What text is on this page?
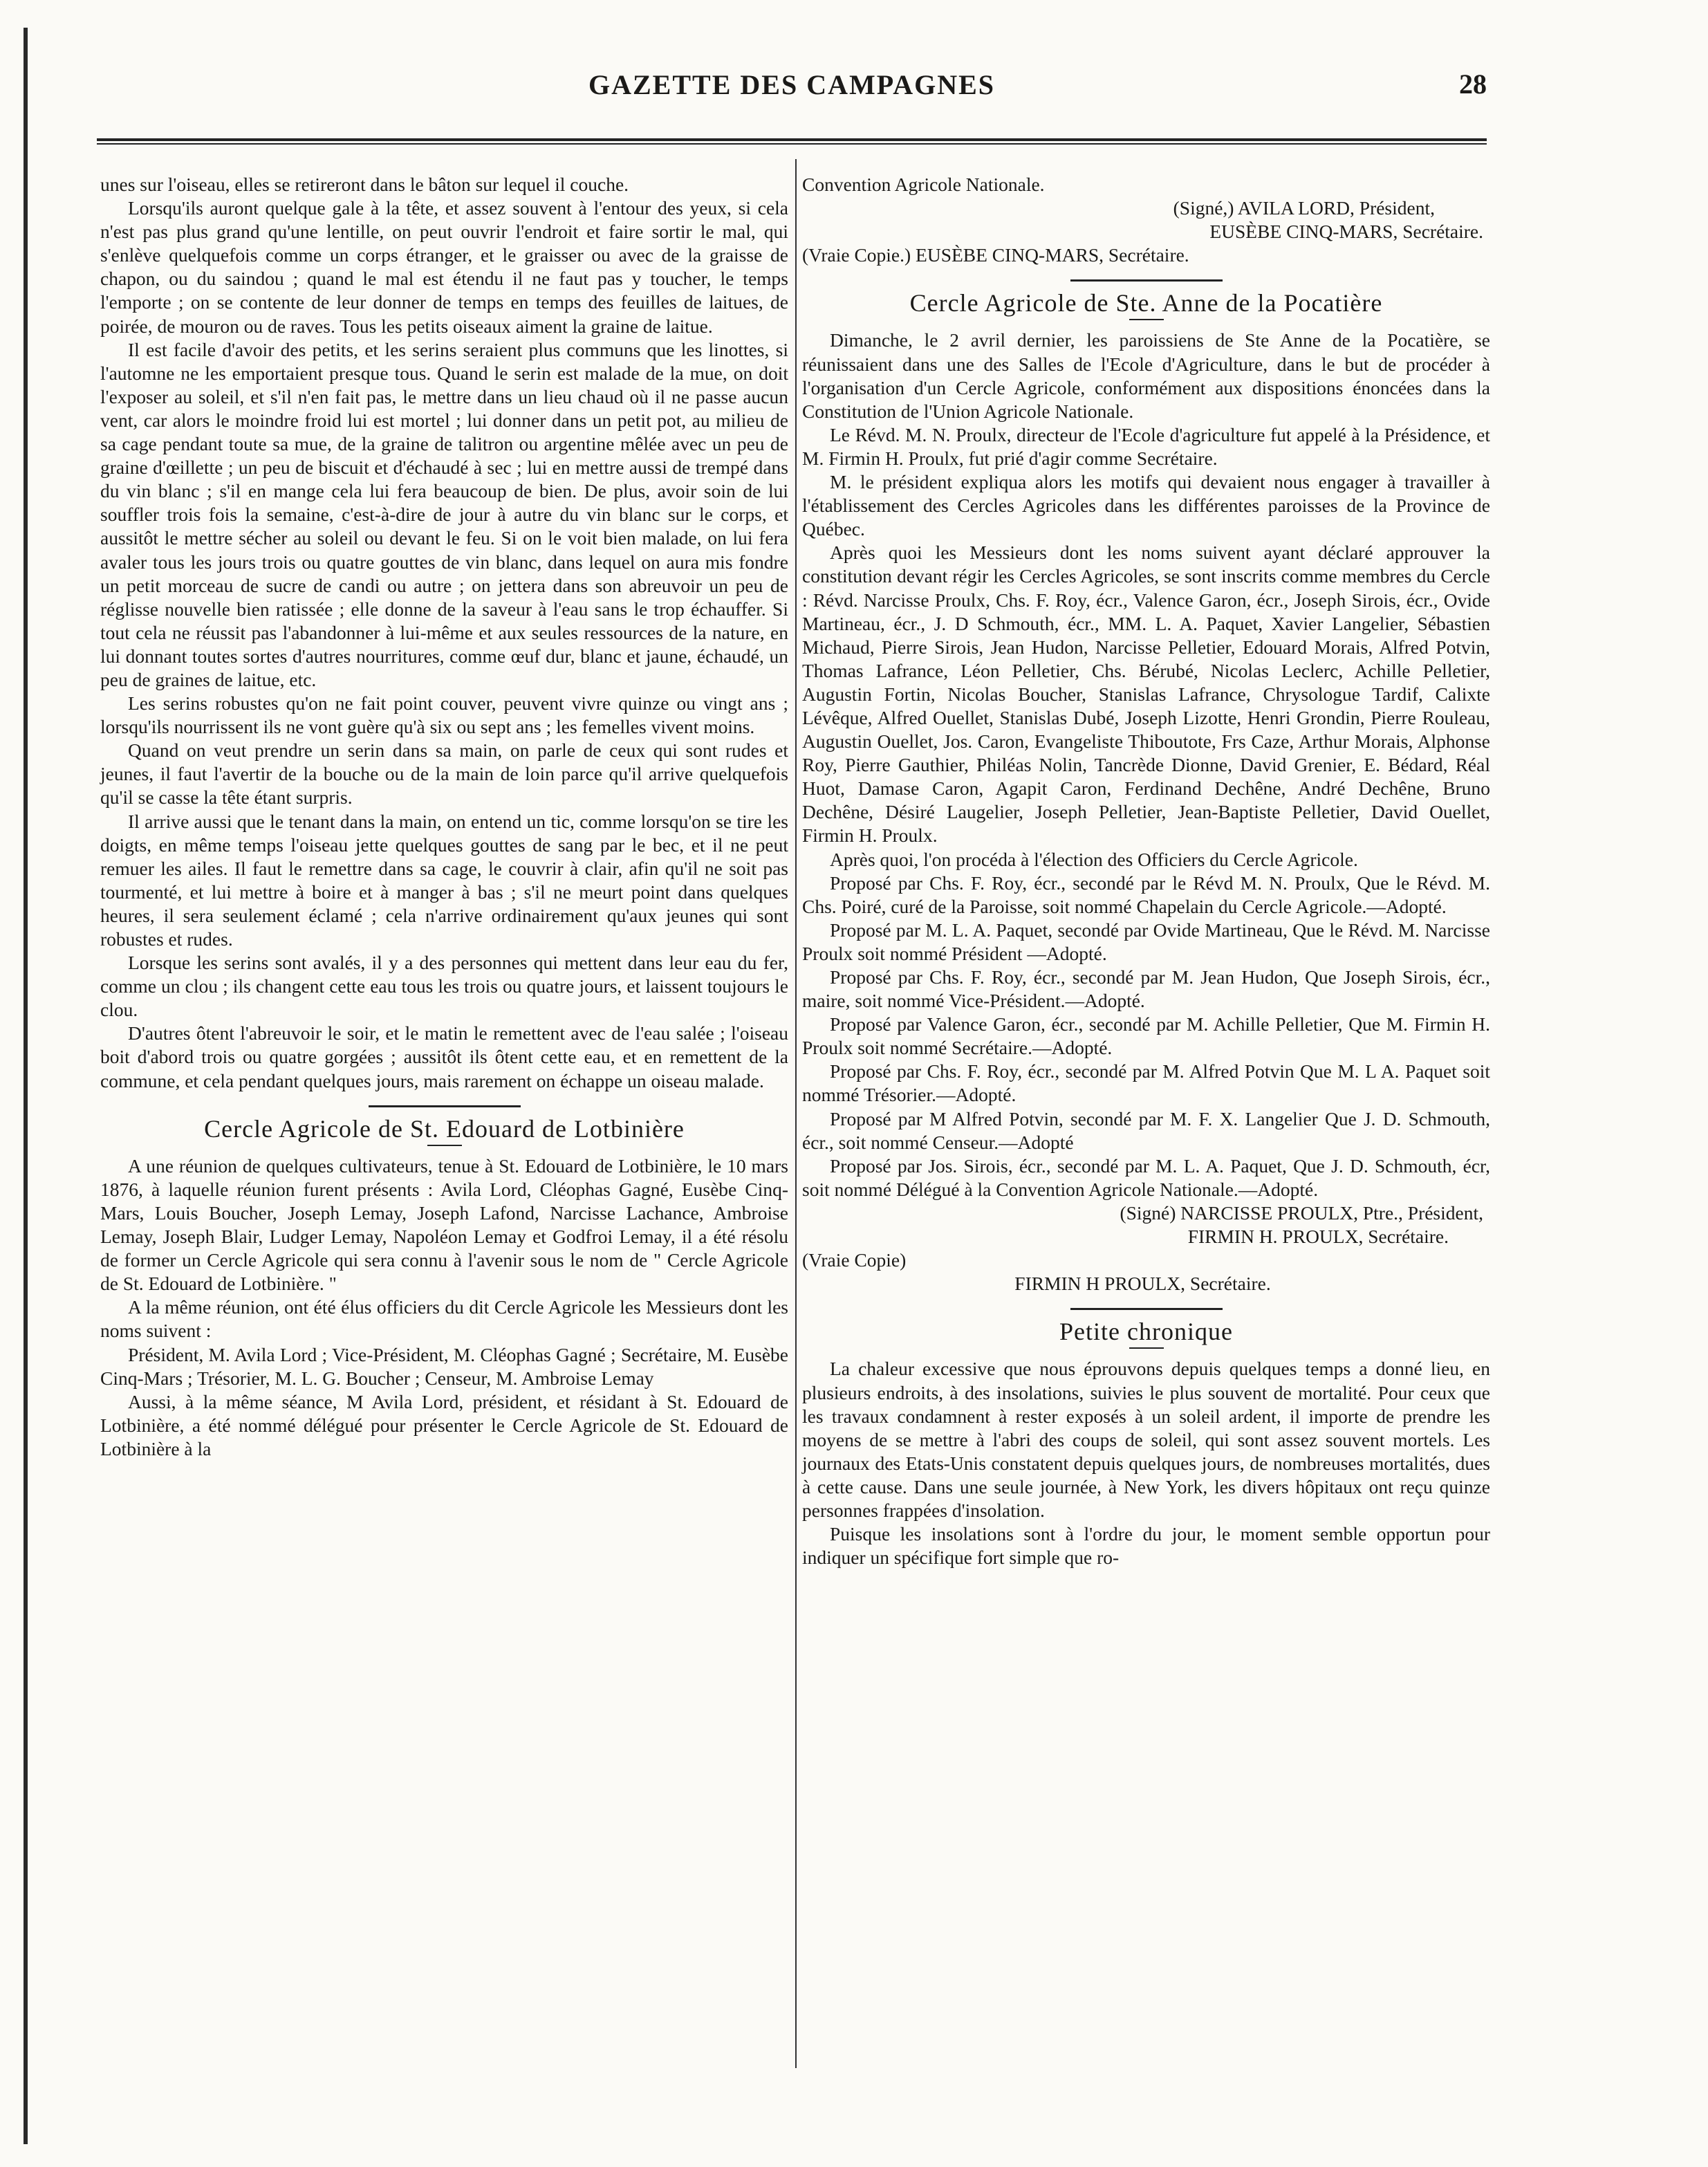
GAZETTE DES CAMPAGNES	28

unes sur l'oiseau, elles se retireront dans le bâton sur lequel il couche.

Lorsqu'ils auront quelque gale à la tête, et assez souvent à l'entour des yeux, si cela n'est pas plus grand qu'une lentille, on peut ouvrir l'endroit et faire sortir le mal, qui s'enlève quelquefois comme un corps étranger, et le graisser ou avec de la graisse de chapon, ou du saindou ; quand le mal est étendu il ne faut pas y toucher, le temps l'emporte ; on se contente de leur donner de temps en temps des feuilles de laitues, de poirée, de mouron ou de raves. Tous les petits oiseaux aiment la graine de laitue.

Il est facile d'avoir des petits, et les serins seraient plus communs que les linottes, si l'automne ne les emportaient presque tous. Quand le serin est malade de la mue, on doit l'exposer au soleil, et s'il n'en fait pas, le mettre dans un lieu chaud où il ne passe aucun vent, car alors le moindre froid lui est mortel ; lui donner dans un petit pot, au milieu de sa cage pendant toute sa mue, de la graine de talitron ou argentine mêlée avec un peu de graine d'œillette ; un peu de biscuit et d'échaudé à sec ; lui en mettre aussi de trempé dans du vin blanc ; s'il en mange cela lui fera beaucoup de bien. De plus, avoir soin de lui souffler trois fois la semaine, c'est-à-dire de jour à autre du vin blanc sur le corps, et aussitôt le mettre sécher au soleil ou devant le feu. Si on le voit bien malade, on lui fera avaler tous les jours trois ou quatre gouttes de vin blanc, dans lequel on aura mis fondre un petit morceau de sucre de candi ou autre ; on jettera dans son abreuvoir un peu de réglisse nouvelle bien ratissée ; elle donne de la saveur à l'eau sans le trop échauffer. Si tout cela ne réussit pas l'abandonner à lui-même et aux seules ressources de la nature, en lui donnant toutes sortes d'autres nourritures, comme œuf dur, blanc et jaune, échaudé, un peu de graines de laitue, etc.

Les serins robustes qu'on ne fait point couver, peuvent vivre quinze ou vingt ans ; lorsqu'ils nourrissent ils ne vont guère qu'à six ou sept ans ; les femelles vivent moins.

Quand on veut prendre un serin dans sa main, on parle de ceux qui sont rudes et jeunes, il faut l'avertir de la bouche ou de la main de loin parce qu'il arrive quelquefois qu'il se casse la tête étant surpris.

Il arrive aussi que le tenant dans la main, on entend un tic, comme lorsqu'on se tire les doigts, en même temps l'oiseau jette quelques gouttes de sang par le bec, et il ne peut remuer les ailes. Il faut le remettre dans sa cage, le couvrir à clair, afin qu'il ne soit pas tourmenté, et lui mettre à boire et à manger à bas ; s'il ne meurt point dans quelques heures, il sera seulement éclamé ; cela n'arrive ordinairement qu'aux jeunes qui sont robustes et rudes.

Lorsque les serins sont avalés, il y a des personnes qui mettent dans leur eau du fer, comme un clou ; ils changent cette eau tous les trois ou quatre jours, et laissent toujours le clou.

D'autres ôtent l'abreuvoir le soir, et le matin le remettent avec de l'eau salée ; l'oiseau boit d'abord trois ou quatre gorgées ; aussitôt ils ôtent cette eau, et en remettent de la commune, et cela pendant quelques jours, mais rarement on échappe un oiseau malade.

Cercle Agricole de St. Edouard de Lotbinière

A une réunion de quelques cultivateurs, tenue à St. Edouard de Lotbinière, le 10 mars 1876, à laquelle réunion furent présents : Avila Lord, Cléophas Gagné, Eusèbe Cinq-Mars, Louis Boucher, Joseph Lemay, Joseph Lafond, Narcisse Lachance, Ambroise Lemay, Joseph Blair, Ludger Lemay, Napoléon Lemay et Godfroi Lemay, il a été résolu de former un Cercle Agricole qui sera connu à l'avenir sous le nom de " Cercle Agricole de St. Edouard de Lotbinière. "

A la même réunion, ont été élus officiers du dit Cercle Agricole les Messieurs dont les noms suivent :

Président, M. Avila Lord ; Vice-Président, M. Cléophas Gagné ; Secrétaire, M. Eusèbe Cinq-Mars ; Trésorier, M. L. G. Boucher ; Censeur, M. Ambroise Lemay

Aussi, à la même séance, M Avila Lord, président, et résidant à St. Edouard de Lotbinière, a été nommé délégué pour présenter le Cercle Agricole de St. Edouard de Lotbinière à la

Convention Agricole Nationale.

(Signé,) AVILA LORD, Président,
EUSÈBE CINQ-MARS, Secrétaire.
(Vraie Copie.) EUSÈBE CINQ-MARS, Secrétaire.
Cercle Agricole de Ste. Anne de la Pocatière

Dimanche, le 2 avril dernier, les paroissiens de Ste Anne de la Pocatière, se réunissaient dans une des Salles de l'Ecole d'Agriculture, dans le but de procéder à l'organisation d'un Cercle Agricole, conformément aux dispositions énoncées dans la Constitution de l'Union Agricole Nationale.

Le Révd. M. N. Proulx, directeur de l'Ecole d'agriculture fut appelé à la Présidence, et M. Firmin H. Proulx, fut prié d'agir comme Secrétaire.

M. le président expliqua alors les motifs qui devaient nous engager à travailler à l'établissement des Cercles Agricoles dans les différentes paroisses de la Province de Québec.

Après quoi les Messieurs dont les noms suivent ayant déclaré approuver la constitution devant régir les Cercles Agricoles, se sont inscrits comme membres du Cercle : Révd. Narcisse Proulx, Chs. F. Roy, écr., Valence Garon, écr., Joseph Sirois, écr., Ovide Martineau, écr., J. D Schmouth, écr., MM. L. A. Paquet, Xavier Langelier, Sébastien Michaud, Pierre Sirois, Jean Hudon, Narcisse Pelletier, Edouard Morais, Alfred Potvin, Thomas Lafrance, Léon Pelletier, Chs. Bérubé, Nicolas Leclerc, Achille Pelletier, Augustin Fortin, Nicolas Boucher, Stanislas Lafrance, Chrysologue Tardif, Calixte Lévêque, Alfred Ouellet, Stanislas Dubé, Joseph Lizotte, Henri Grondin, Pierre Rouleau, Augustin Ouellet, Jos. Caron, Evangeliste Thiboutote, Frs Caze, Arthur Morais, Alphonse Roy, Pierre Gauthier, Philéas Nolin, Tancrède Dionne, David Grenier, E. Bédard, Réal Huot, Damase Caron, Agapit Caron, Ferdinand Dechêne, André Dechêne, Bruno Dechêne, Désiré Laugelier, Joseph Pelletier, Jean-Baptiste Pelletier, David Ouellet, Firmin H. Proulx.

Après quoi, l'on procéda à l'élection des Officiers du Cercle Agricole.

Proposé par Chs. F. Roy, écr., secondé par le Révd M. N. Proulx, Que le Révd. M. Chs. Poiré, curé de la Paroisse, soit nommé Chapelain du Cercle Agricole.—Adopté.

Proposé par M. L. A. Paquet, secondé par Ovide Martineau, Que le Révd. M. Narcisse Proulx soit nommé Président —Adopté.

Proposé par Chs. F. Roy, écr., secondé par M. Jean Hudon, Que Joseph Sirois, écr., maire, soit nommé Vice-Président.—Adopté.

Proposé par Valence Garon, écr., secondé par M. Achille Pelletier, Que M. Firmin H. Proulx soit nommé Secrétaire.—Adopté.

Proposé par Chs. F. Roy, écr., secondé par M. Alfred Potvin Que M. L A. Paquet soit nommé Trésorier.—Adopté.

Proposé par M Alfred Potvin, secondé par M. F. X. Langelier Que J. D. Schmouth, écr., soit nommé Censeur.—Adopté

Proposé par Jos. Sirois, écr., secondé par M. L. A. Paquet, Que J. D. Schmouth, écr, soit nommé Délégué à la Convention Agricole Nationale.—Adopté.

(Signé) NARCISSE PROULX, Ptre., Président,
FIRMIN H. PROULX, Secrétaire.
(Vraie Copie)
FIRMIN H PROULX, Secrétaire.
Petite chronique

La chaleur excessive que nous éprouvons depuis quelques temps a donné lieu, en plusieurs endroits, à des insolations, suivies le plus souvent de mortalité. Pour ceux que les travaux condamnent à rester exposés à un soleil ardent, il importe de prendre les moyens de se mettre à l'abri des coups de soleil, qui sont assez souvent mortels. Les journaux des Etats-Unis constatent depuis quelques jours, de nombreuses mortalités, dues à cette cause. Dans une seule journée, à New York, les divers hôpitaux ont reçu quinze personnes frappées d'insolation.

Puisque les insolations sont à l'ordre du jour, le moment semble opportun pour indiquer un spécifique fort simple que ro-
